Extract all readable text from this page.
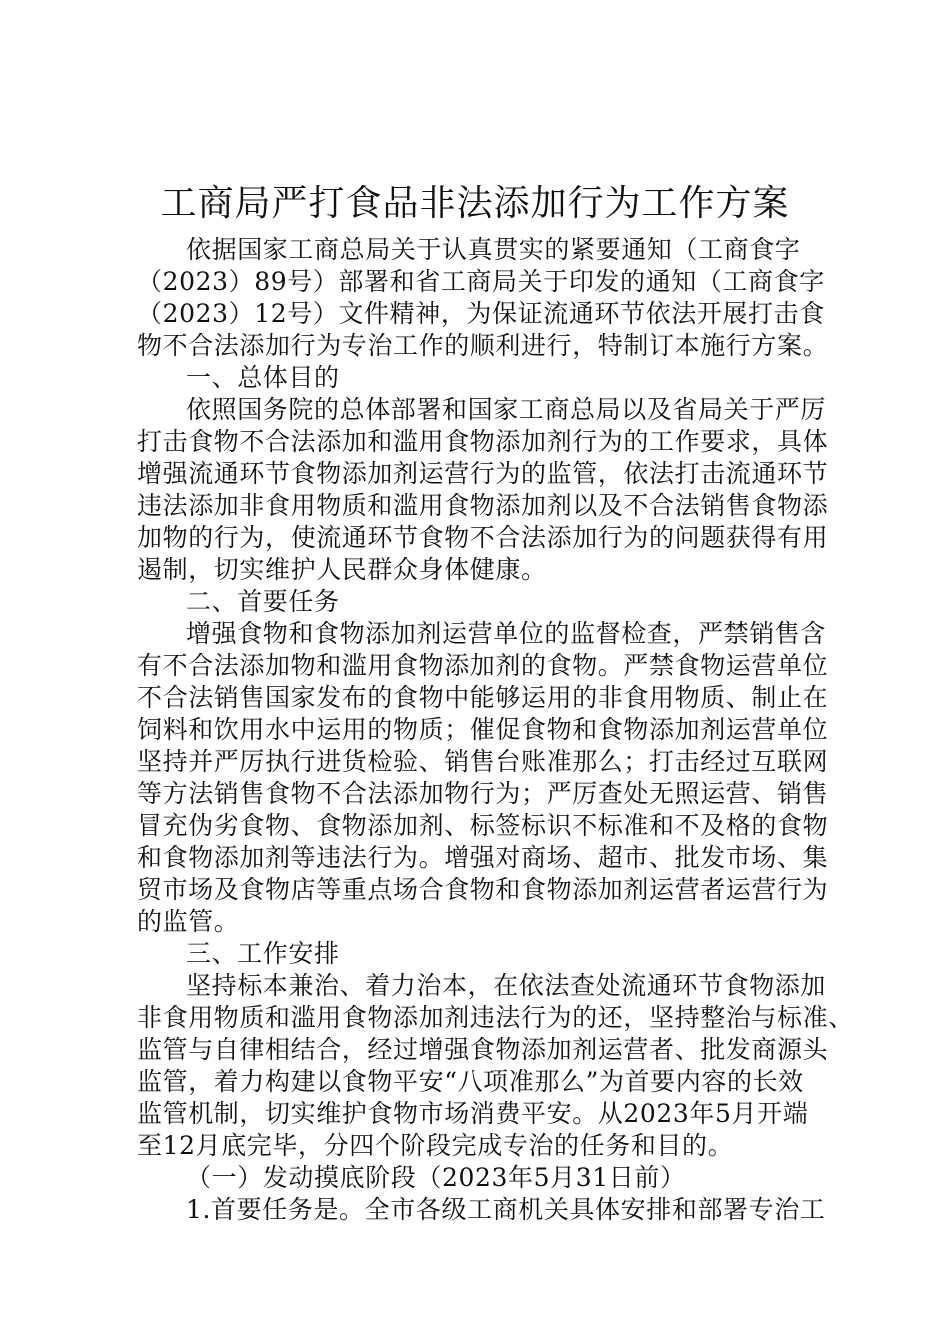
工商局严打食品非法添加行为工作方案
依据国家工商总局关于认真贯实的紧要通知（工商食字
（2023）89号）部署和省工商局关于印发的通知（工商食字
（2023）12号）文件精神，为保证流通环节依法开展打击食
物不合法添加行为专治工作的顺利进行，特制订本施行方案。
一、总体目的
依照国务院的总体部署和国家工商总局以及省局关于严厉
打击食物不合法添加和滥用食物添加剂行为的工作要求，具体
增强流通环节食物添加剂运营行为的监管，依法打击流通环节
违法添加非食用物质和滥用食物添加剂以及不合法销售食物添
加物的行为，使流通环节食物不合法添加行为的问题获得有用
遏制，切实维护人民群众身体健康。
二、首要任务
增强食物和食物添加剂运营单位的监督检查，严禁销售含
有不合法添加物和滥用食物添加剂的食物。严禁食物运营单位
不合法销售国家发布的食物中能够运用的非食用物质、制止在
饲料和饮用水中运用的物质；催促食物和食物添加剂运营单位
坚持并严厉执行进货检验、销售台账准那么；打击经过互联网
等方法销售食物不合法添加物行为；严厉查处无照运营、销售
冒充伪劣食物、食物添加剂、标签标识不标准和不及格的食物
和食物添加剂等违法行为。增强对商场、超市、批发市场、集
贸市场及食物店等重点场合食物和食物添加剂运营者运营行为
的监管。
三、工作安排
坚持标本兼治、着力治本，在依法查处流通环节食物添加
非食用物质和滥用食物添加剂违法行为的还，坚持整治与标准、
监管与自律相结合，经过增强食物添加剂运营者、批发商源头
监管，着力构建以食物平安“八项准那么”为首要内容的长效
监管机制，切实维护食物市场消费平安。从2023年5月开端
至12月底完毕，分四个阶段完成专治的任务和目的。
（一）发动摸底阶段（2023年5月31日前）
1.首要任务是。全市各级工商机关具体安排和部署专治工
